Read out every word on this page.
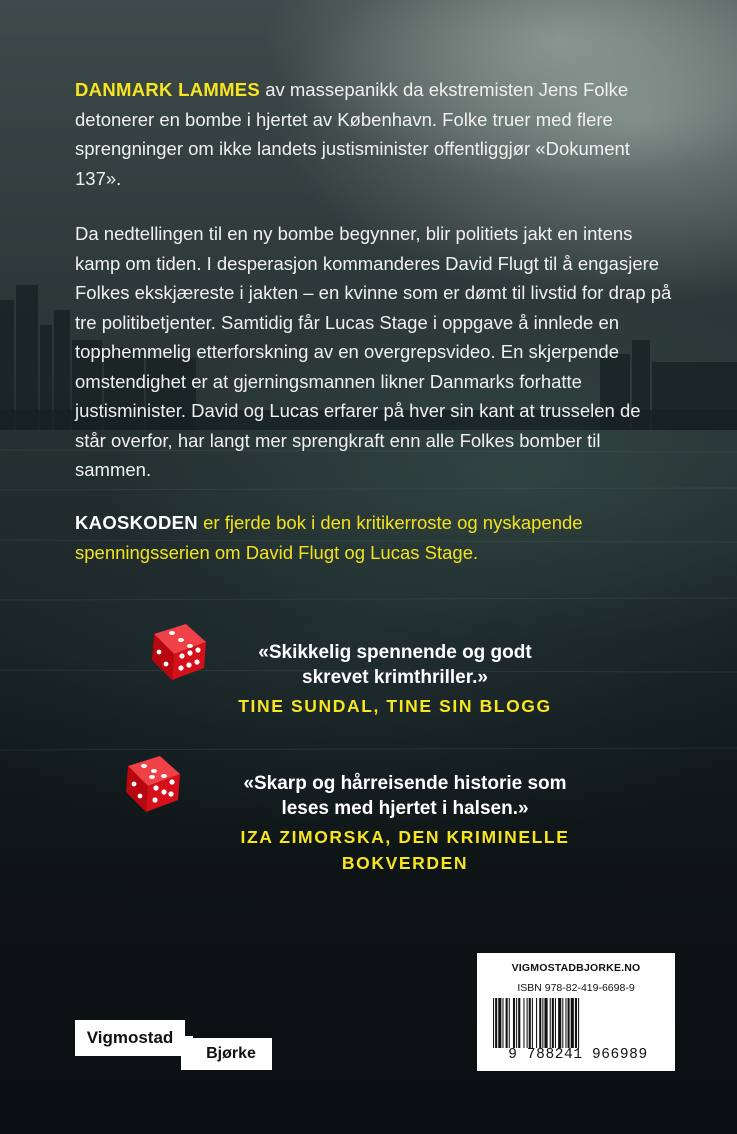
DANMARK LAMMES av massepanikk da ekstremisten Jens Folke detonerer en bombe i hjertet av København. Folke truer med flere sprengninger om ikke landets justisminister offentliggjør «Dokument 137».
Da nedtellingen til en ny bombe begynner, blir politiets jakt en intens kamp om tiden. I desperasjon kommanderes David Flugt til å engasjere Folkes ekskjæreste i jakten – en kvinne som er dømt til livstid for drap på tre politibetjenter. Samtidig får Lucas Stage i oppgave å innlede en topphemmelig etterforskning av en overgrepsvideo. En skjerpende omstendighet er at gjerningsmannen likner Danmarks forhatte justisminister. David og Lucas erfarer på hver sin kant at trusselen de står overfor, har langt mer sprengkraft enn alle Folkes bomber til sammen.
KAOSKODEN er fjerde bok i den kritikerroste og nyskapende spenningsserien om David Flugt og Lucas Stage.
«Skikkelig spennende og godt
skrevet krimthriller.»
TINE SUNDAL, TINE SIN BLOGG
«Skarp og hårreisende historie som
leses med hjertet i halsen.»
IZA ZIMORSKA, DEN KRIMINELLE BOKVERDEN
VIGMOSTADBJORKE.NO
ISBN 978-82-419-6698-9
9 788241 966989
Vigmostad
Bjørke
